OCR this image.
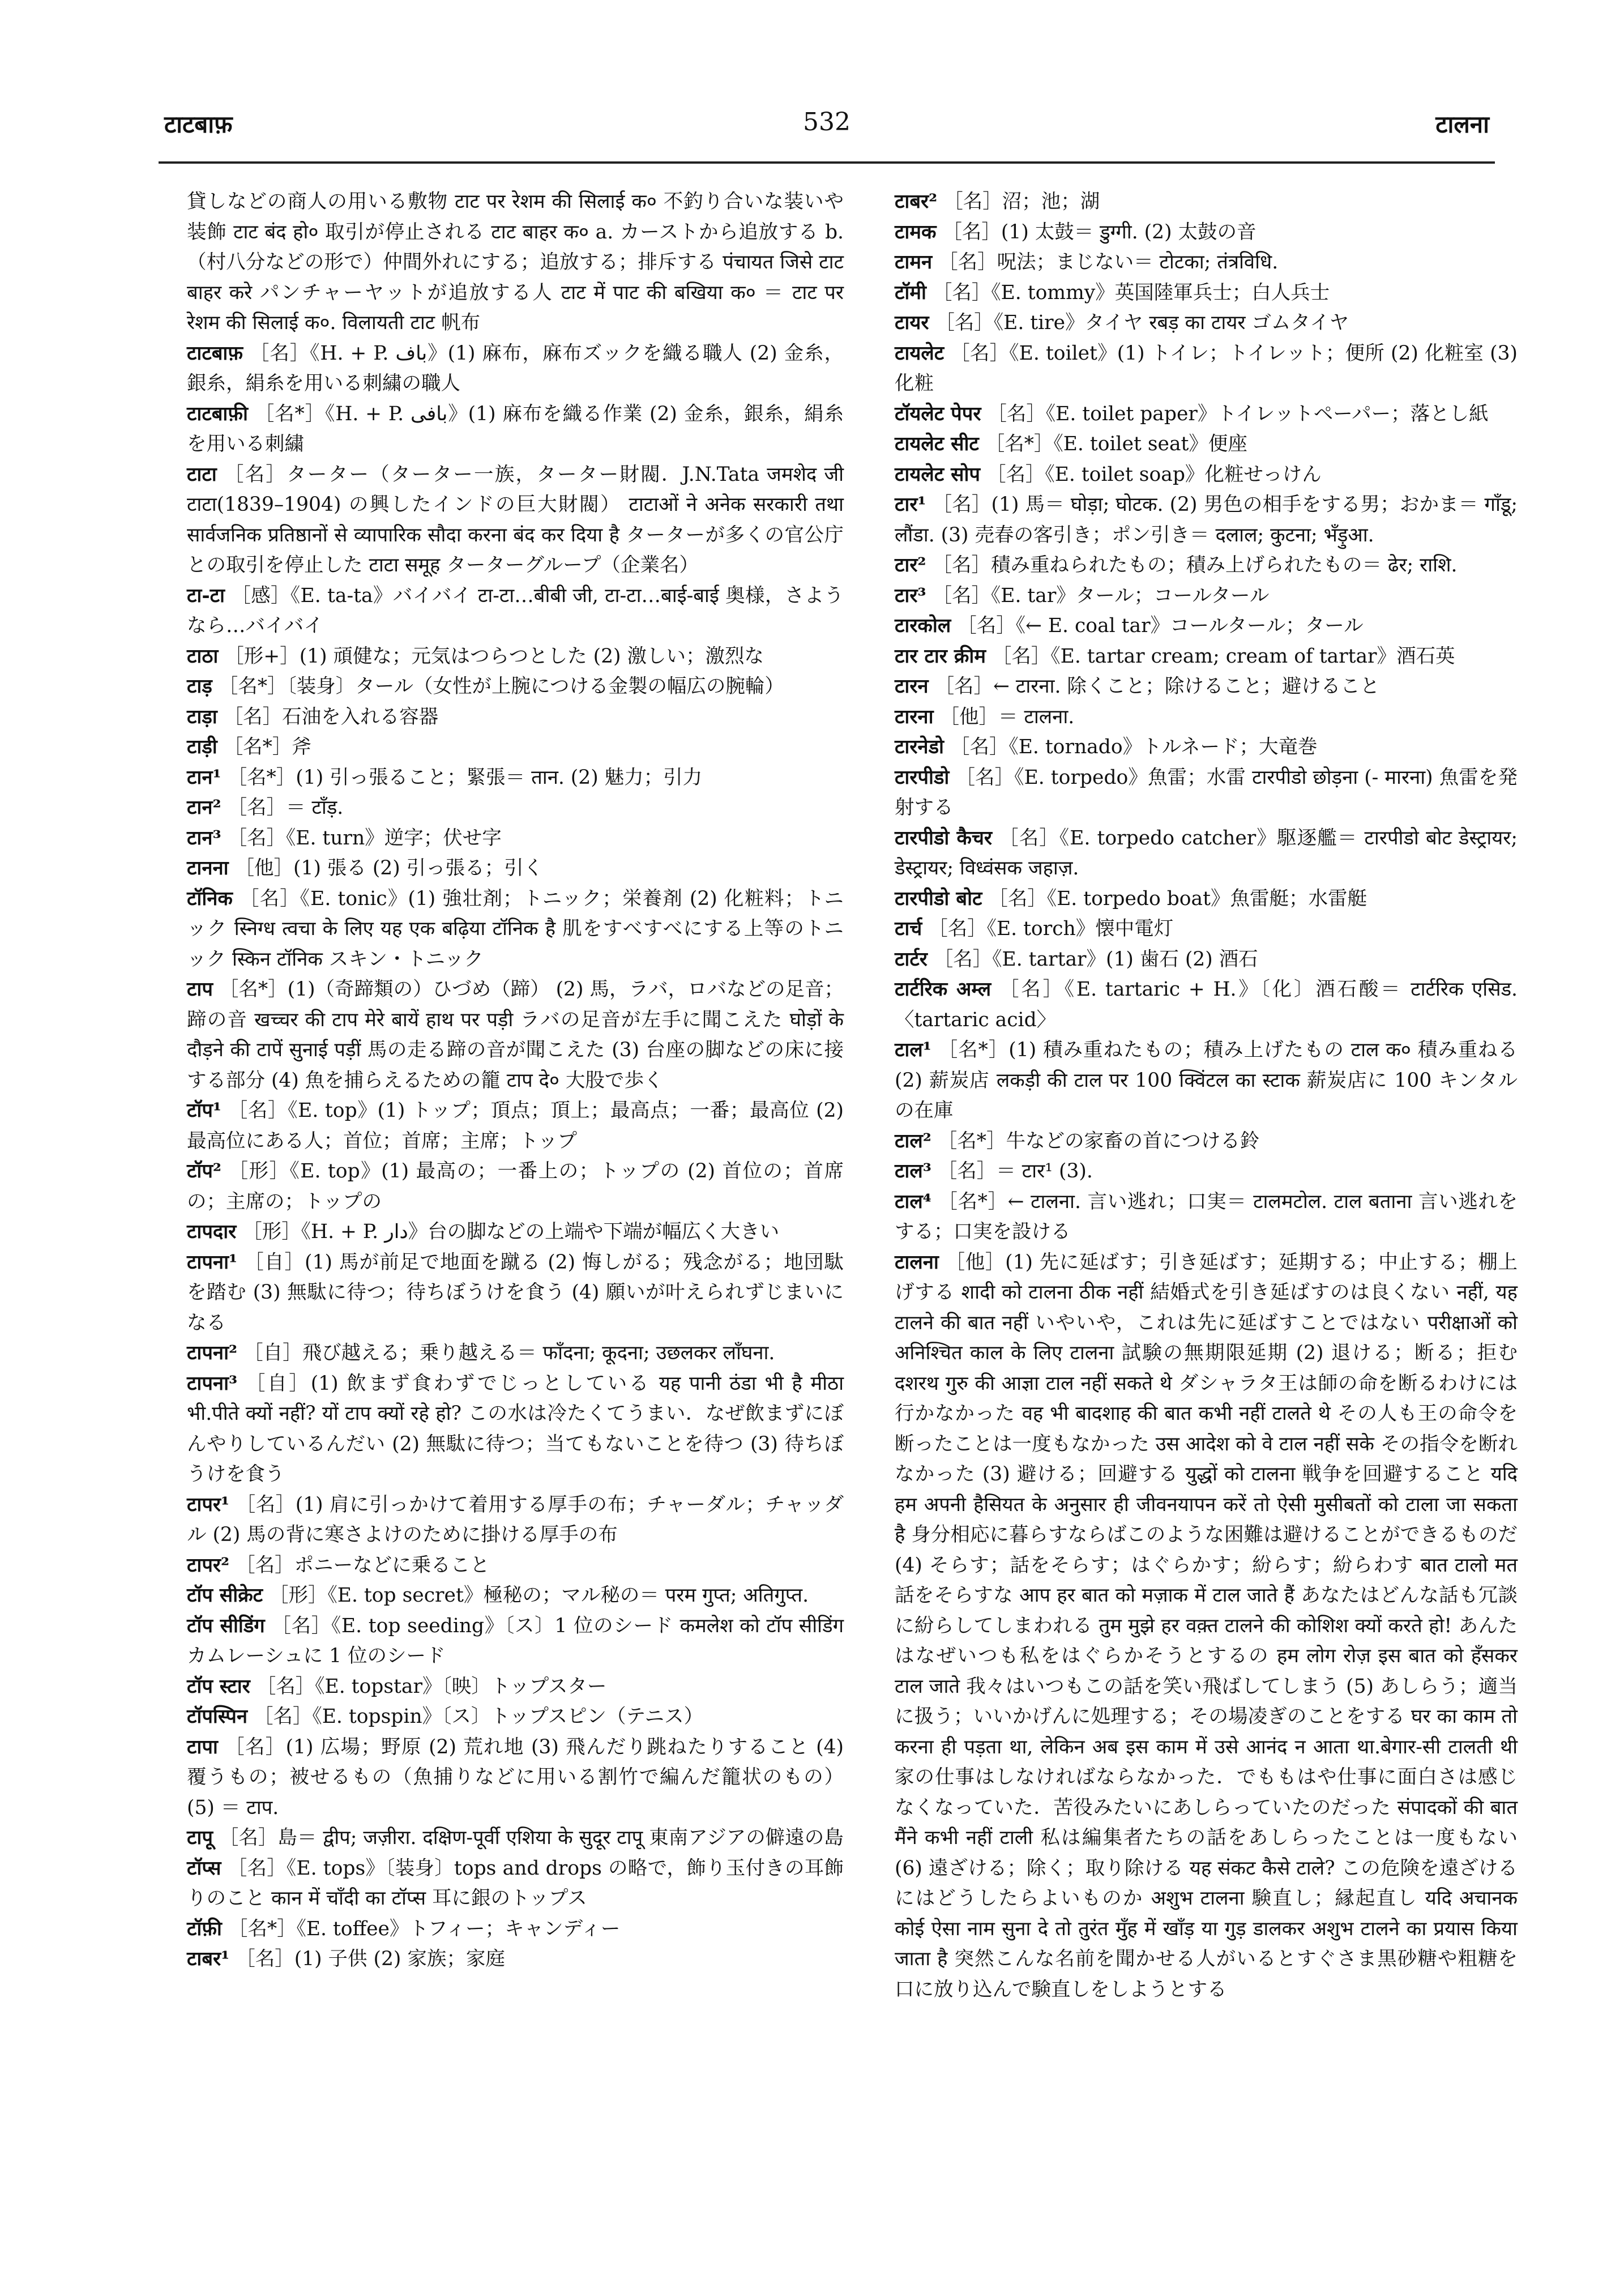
टाटबाफ़	532	टालना

貸しなどの商人の用いる敷物 टाट पर रेशम की सिलाई क० 不釣り合いな装いや装飾 टाट बंद हो० 取引が停止される टाट बाहर क० a. カーストから追放する b.（村八分などの形で）仲間外れにする；追放する；排斥する पंचायत जिसे टाट बाहर करे パンチャーヤットが追放する人 टाट में पाट की बखिया क० ＝ टाट पर रेशम की सिलाई क०. विलायती टाट 帆布

टाटबाफ़ ［名］《H. + P. باف》(1) 麻布，麻布ズックを織る職人 (2) 金糸，銀糸，絹糸を用いる刺繍の職人

टाटबाफ़ी ［名*］《H. + P. بافی》(1) 麻布を織る作業 (2) 金糸，銀糸，絹糸を用いる刺繍

टाटा ［名］ターター（ターター一族，ターター財閥．J.N.Tata जमशेद जी टाटा(1839–1904) の興したインドの巨大財閥） टाटाओं ने अनेक सरकारी तथा सार्वजनिक प्रतिष्ठानों से व्यापारिक सौदा करना बंद कर दिया है ターターが多くの官公庁との取引を停止した टाटा समूह ターターグループ（企業名）

टा-टा ［感］《E. ta-ta》バイバイ टा-टा…बीबी जी, टा-टा…बाई-बाई 奥様，さようなら…バイバイ

टाठा ［形+］(1) 頑健な；元気はつらつとした (2) 激しい；激烈な

टाड़ ［名*］〔装身〕タール（女性が上腕につける金製の幅広の腕輪）

टाड़ा ［名］石油を入れる容器

टाड़ी ［名*］斧

टान¹ ［名*］(1) 引っ張ること；緊張＝ तान. (2) 魅力；引力

टान² ［名］＝ टाँड़.

टान³ ［名］《E. turn》逆字；伏せ字

टानना ［他］(1) 張る (2) 引っ張る；引く

टॉनिक ［名］《E. tonic》(1) 強壮剤；トニック；栄養剤 (2) 化粧料；トニック स्निग्ध त्वचा के लिए यह एक बढ़िया टॉनिक है 肌をすべすべにする上等のトニック स्किन टॉनिक スキン・トニック

टाप ［名*］(1)（奇蹄類の）ひづめ（蹄） (2) 馬，ラバ，ロバなどの足音；蹄の音 खच्चर की टाप मेरे बायें हाथ पर पड़ी ラバの足音が左手に聞こえた घोड़ों के दौड़ने की टापें सुनाई पड़ीं 馬の走る蹄の音が聞こえた (3) 台座の脚などの床に接する部分 (4) 魚を捕らえるための籠 टाप दे० 大股で歩く

टॉप¹ ［名］《E. top》(1) トップ；頂点；頂上；最高点；一番；最高位 (2) 最高位にある人；首位；首席；主席；トップ

टॉप² ［形］《E. top》(1) 最高の；一番上の；トップの (2) 首位の；首席の；主席の；トップの

टापदार ［形］《H. + P. دار》台の脚などの上端や下端が幅広く大きい

टापना¹ ［自］(1) 馬が前足で地面を蹴る (2) 悔しがる；残念がる；地団駄を踏む (3) 無駄に待つ；待ちぼうけを食う (4) 願いが叶えられずじまいになる

टापना² ［自］飛び越える；乗り越える＝ फाँदना; कूदना; उछलकर लाँघना.

टापना³ ［自］(1) 飲まず食わずでじっとしている यह पानी ठंडा भी है मीठा भी.पीते क्यों नहीं? यों टाप क्यों रहे हो? この水は冷たくてうまい．なぜ飲まずにぼんやりしているんだい (2) 無駄に待つ；当てもないことを待つ (3) 待ちぼうけを食う

टापर¹ ［名］(1) 肩に引っかけて着用する厚手の布；チャーダル；チャッダル (2) 馬の背に寒さよけのために掛ける厚手の布

टापर² ［名］ポニーなどに乗ること

टॉप सीक्रेट ［形］《E. top secret》極秘の；マル秘の＝ परम गुप्त; अतिगुप्त.

टॉप सीडिंग ［名］《E. top seeding》〔ス〕1 位のシード कमलेश को टॉप सीडिंग カムレーシュに 1 位のシード

टॉप स्टार ［名］《E. topstar》〔映〕トップスター

टॉपस्पिन ［名］《E. topspin》〔ス〕トップスピン（テニス）

टापा ［名］(1) 広場；野原 (2) 荒れ地 (3) 飛んだり跳ねたりすること (4) 覆うもの；被せるもの（魚捕りなどに用いる割竹で編んだ籠状のもの） (5) ＝ टाप.

टापू ［名］島＝ द्वीप; जज़ीरा. दक्षिण-पूर्वी एशिया के सुदूर टापू 東南アジアの僻遠の島

टॉप्स ［名］《E. tops》〔装身〕tops and drops の略で，飾り玉付きの耳飾りのこと कान में चाँदी का टॉप्स 耳に銀のトップス

टॉफ़ी ［名*］《E. toffee》トフィー；キャンディー

टाबर¹ ［名］(1) 子供 (2) 家族；家庭

टाबर² ［名］沼；池；湖

टामक ［名］(1) 太鼓＝ डुग्गी. (2) 太鼓の音

टामन ［名］呪法；まじない＝ टोटका; तंत्रविधि.

टॉमी ［名］《E. tommy》英国陸軍兵士；白人兵士

टायर ［名］《E. tire》タイヤ रबड़ का टायर ゴムタイヤ

टायलेट ［名］《E. toilet》(1) トイレ；トイレット；便所 (2) 化粧室 (3) 化粧

टॉयलेट पेपर ［名］《E. toilet paper》トイレットペーパー；落とし紙

टायलेट सीट ［名*］《E. toilet seat》便座

टायलेट सोप ［名］《E. toilet soap》化粧せっけん

टार¹ ［名］(1) 馬＝ घोड़ा; घोटक. (2) 男色の相手をする男；おかま＝ गाँडू; लौंडा. (3) 売春の客引き；ポン引き＝ दलाल; कुटना; भँड़ुआ.

टार² ［名］積み重ねられたもの；積み上げられたもの＝ ढेर; राशि.

टार³ ［名］《E. tar》タール；コールタール

टारकोल ［名］《← E. coal tar》コールタール；タール

टार टार क्रीम ［名］《E. tartar cream; cream of tartar》酒石英

टारन ［名］← टारना. 除くこと；除けること；避けること

टारना ［他］＝ टालना.

टारनेडो ［名］《E. tornado》トルネード；大竜巻

टारपीडो ［名］《E. torpedo》魚雷；水雷 टारपीडो छोड़ना (- मारना) 魚雷を発射する

टारपीडो कैचर ［名］《E. torpedo catcher》駆逐艦＝ टारपीडो बोट डेस्ट्रायर; डेस्ट्रायर; विध्वंसक जहाज़.

टारपीडो बोट ［名］《E. torpedo boat》魚雷艇；水雷艇

टार्च ［名］《E. torch》懐中電灯

टार्टर ［名］《E. tartar》(1) 歯石 (2) 酒石

टार्टरिक अम्ल ［名］《E. tartaric + H.》〔化〕酒石酸＝ टार्टरिक एसिड. 〈tartaric acid〉

टाल¹ ［名*］(1) 積み重ねたもの；積み上げたもの टाल क० 積み重ねる (2) 薪炭店 लकड़ी की टाल पर 100 क्विंटल का स्टाक 薪炭店に 100 キンタルの在庫

टाल² ［名*］牛などの家畜の首につける鈴

टाल³ ［名］＝ टार¹ (3).

टाल⁴ ［名*］← टालना. 言い逃れ；口実＝ टालमटोल. टाल बताना 言い逃れをする；口実を設ける

टालना ［他］(1) 先に延ばす；引き延ばす；延期する；中止する；棚上げする शादी को टालना ठीक नहीं 結婚式を引き延ばすのは良くない नहीं, यह टालने की बात नहीं いやいや，これは先に延ばすことではない परीक्षाओं को अनिश्चित काल के लिए टालना 試験の無期限延期 (2) 退ける；断る；拒む दशरथ गुरु की आज्ञा टाल नहीं सकते थे ダシャラタ王は師の命を断るわけには行かなかった वह भी बादशाह की बात कभी नहीं टालते थे その人も王の命令を断ったことは一度もなかった उस आदेश को वे टाल नहीं सके その指令を断れなかった (3) 避ける；回避する युद्धों को टालना 戦争を回避すること यदि हम अपनी हैसियत के अनुसार ही जीवनयापन करें तो ऐसी मुसीबतों को टाला जा सकता है 身分相応に暮らすならばこのような困難は避けることができるものだ (4) そらす；話をそらす；はぐらかす；紛らす；紛らわす बात टालो मत 話をそらすな आप हर बात को मज़ाक में टाल जाते हैं あなたはどんな話も冗談に紛らしてしまわれる तुम मुझे हर वक़्त टालने की कोशिश क्यों करते हो! あんたはなぜいつも私をはぐらかそうとするの हम लोग रोज़ इस बात को हँसकर टाल जाते 我々はいつもこの話を笑い飛ばしてしまう (5) あしらう；適当に扱う；いいかげんに処理する；その場凌ぎのことをする घर का काम तो करना ही पड़ता था, लेकिन अब इस काम में उसे आनंद न आता था.बेगार-सी टालती थी 家の仕事はしなければならなかった．でももはや仕事に面白さは感じなくなっていた．苦役みたいにあしらっていたのだった संपादकों की बात मैंने कभी नहीं टाली 私は編集者たちの話をあしらったことは一度もない (6) 遠ざける；除く；取り除ける यह संकट कैसे टाले? この危険を遠ざけるにはどうしたらよいものか अशुभ टालना 験直し；縁起直し यदि अचानक कोई ऐसा नाम सुना दे तो तुरंत मुँह में खाँड़ या गुड़ डालकर अशुभ टालने का प्रयास किया जाता है 突然こんな名前を聞かせる人がいるとすぐさま黒砂糖や粗糖を口に放り込んで験直しをしようとする
